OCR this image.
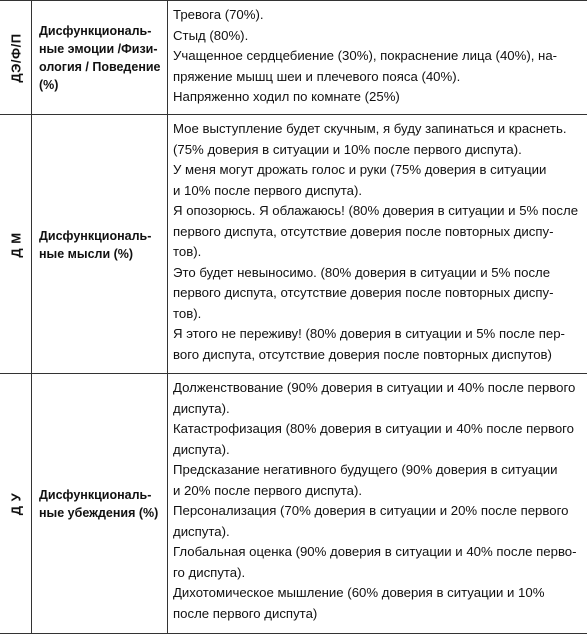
ДЭ/Ф/П
Дисфункциональ-
ные эмоции /Физи-
ология / Поведение
(%)
Тревога (70%).
Стыд (80%).
Учащенное сердцебиение (30%), покраснение лица (40%), на-
пряжение мышц шеи и плечевого пояса (40%).
Напряженно ходил по комнате (25%)
Д М Дисфункциональ-
ные мысли (%)
Мое выступление будет скучным, я буду запинаться и краснеть.
(75% доверия в ситуации и 10% после первого диспута).
У меня могут дрожать голос и руки (75% доверия в ситуации
и 10% после первого диспута).
Я опозорюсь. Я облажаюсь! (80% доверия в ситуации и 5% после
первого диспута, отсутствие доверия после повторных диспу-
тов).
Это будет невыносимо. (80% доверия в ситуации и 5% после
первого диспута, отсутствие доверия после повторных диспу-
тов).
Я этого не переживу! (80% доверия в ситуации и 5% после пер-
вого диспута, отсутствие доверия после повторных диспутов)
Д У Дисфункциональ-
ные убеждения (%)
Долженствование (90% доверия в ситуации и 40% после первого
диспута).
Катастрофизация (80% доверия в ситуации и 40% после первого
диспута).
Предсказание негативного будущего (90% доверия в ситуации
и 20% после первого диспута).
Персонализация (70% доверия в ситуации и 20% после первого
диспута).
Глобальная оценка (90% доверия в ситуации и 40% после перво-
го диспута).
Дихотомическое мышление (60% доверия в ситуации и 10%
после первого диспута)
